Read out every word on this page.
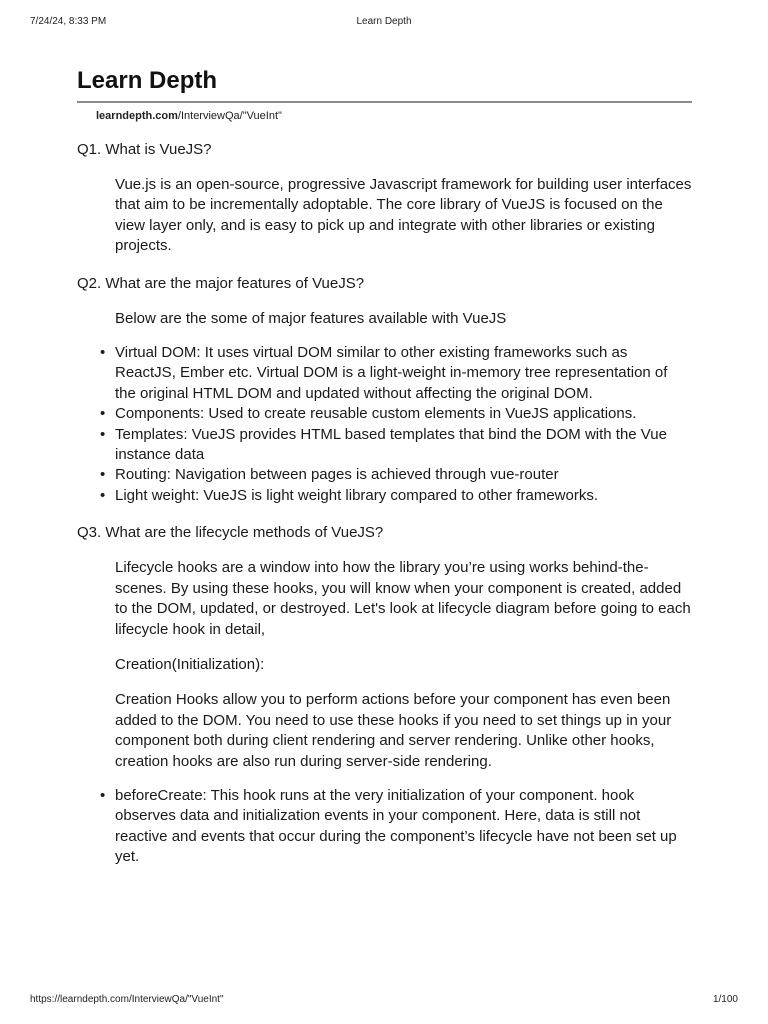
7/24/24, 8:33 PM	Learn Depth
Learn Depth
learndepth.com/InterviewQa/"VueInt"
Q1. What is VueJS?
Vue.js is an open-source, progressive Javascript framework for building user interfaces that aim to be incrementally adoptable. The core library of VueJS is focused on the view layer only, and is easy to pick up and integrate with other libraries or existing projects.
Q2. What are the major features of VueJS?
Below are the some of major features available with VueJS
• Virtual DOM: It uses virtual DOM similar to other existing frameworks such as ReactJS, Ember etc. Virtual DOM is a light-weight in-memory tree representation of the original HTML DOM and updated without affecting the original DOM.
• Components: Used to create reusable custom elements in VueJS applications.
• Templates: VueJS provides HTML based templates that bind the DOM with the Vue instance data
• Routing: Navigation between pages is achieved through vue-router
• Light weight: VueJS is light weight library compared to other frameworks.
Q3. What are the lifecycle methods of VueJS?
Lifecycle hooks are a window into how the library you’re using works behind-the-scenes. By using these hooks, you will know when your component is created, added to the DOM, updated, or destroyed. Let's look at lifecycle diagram before going to each lifecycle hook in detail,
Creation(Initialization):
Creation Hooks allow you to perform actions before your component has even been added to the DOM. You need to use these hooks if you need to set things up in your component both during client rendering and server rendering. Unlike other hooks, creation hooks are also run during server-side rendering.
• beforeCreate: This hook runs at the very initialization of your component. hook observes data and initialization events in your component. Here, data is still not reactive and events that occur during the component’s lifecycle have not been set up yet.
https://learndepth.com/InterviewQa/"VueInt"	1/100
